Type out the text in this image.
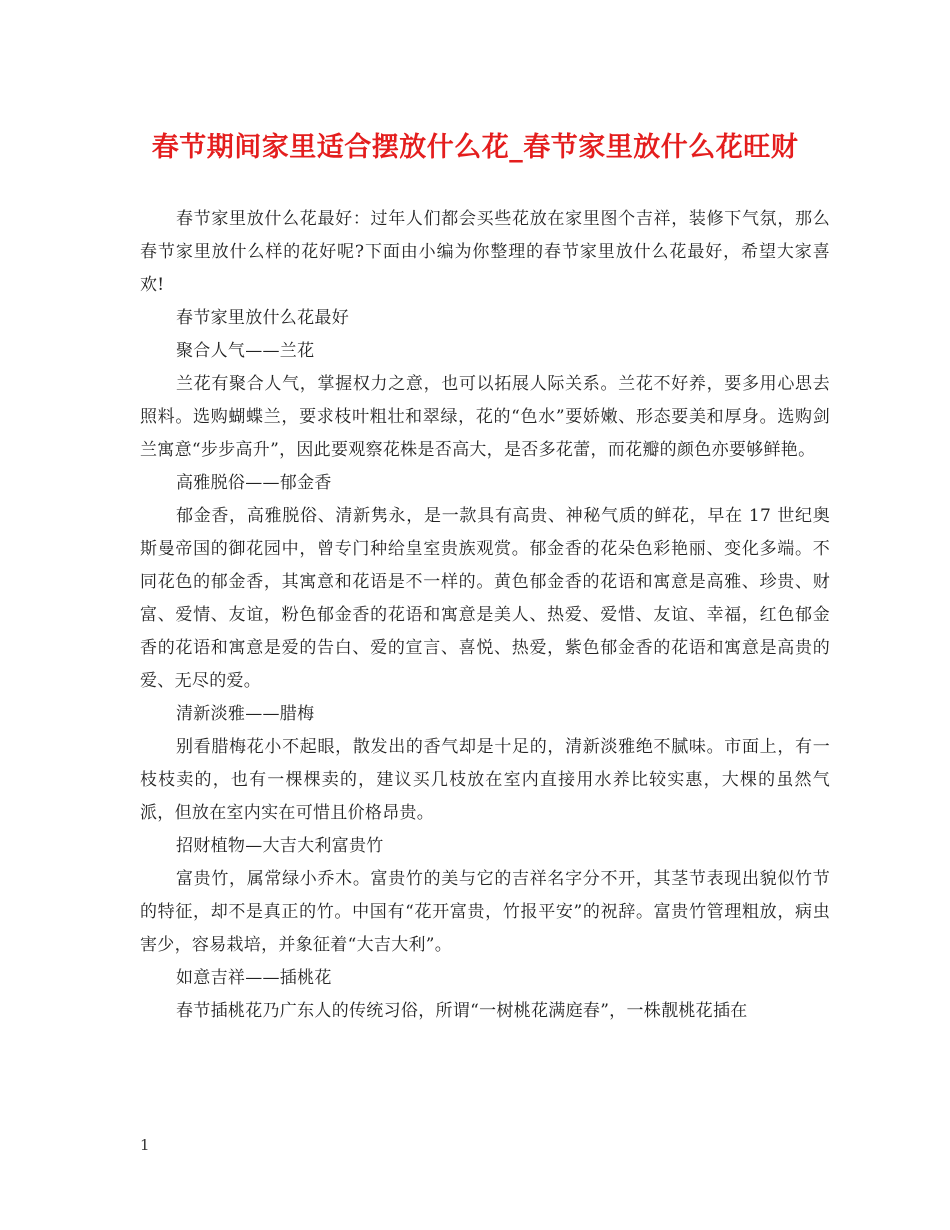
春节期间家里适合摆放什么花_春节家里放什么花旺财

春节家里放什么花最好：过年人们都会买些花放在家里图个吉祥，装修下气氛，那么春节家里放什么样的花好呢?下面由小编为你整理的春节家里放什么花最好，希望大家喜欢!

春节家里放什么花最好

聚合人气——兰花

兰花有聚合人气，掌握权力之意，也可以拓展人际关系。兰花不好养，要多用心思去照料。选购蝴蝶兰，要求枝叶粗壮和翠绿，花的“色水”要娇嫩、形态要美和厚身。选购剑兰寓意“步步高升”，因此要观察花株是否高大，是否多花蕾，而花瓣的颜色亦要够鲜艳。

高雅脱俗——郁金香

郁金香，高雅脱俗、清新隽永，是一款具有高贵、神秘气质的鲜花，早在 17 世纪奥斯曼帝国的御花园中，曾专门种给皇室贵族观赏。郁金香的花朵色彩艳丽、变化多端。不同花色的郁金香，其寓意和花语是不一样的。黄色郁金香的花语和寓意是高雅、珍贵、财富、爱情、友谊，粉色郁金香的花语和寓意是美人、热爱、爱惜、友谊、幸福，红色郁金香的花语和寓意是爱的告白、爱的宣言、喜悦、热爱，紫色郁金香的花语和寓意是高贵的爱、无尽的爱。

清新淡雅——腊梅

别看腊梅花小不起眼，散发出的香气却是十足的，清新淡雅绝不腻味。市面上，有一枝枝卖的，也有一棵棵卖的，建议买几枝放在室内直接用水养比较实惠，大棵的虽然气派，但放在室内实在可惜且价格昂贵。

招财植物—大吉大利富贵竹

富贵竹，属常绿小乔木。富贵竹的美与它的吉祥名字分不开，其茎节表现出貌似竹节的特征，却不是真正的竹。中国有“花开富贵，竹报平安”的祝辞。富贵竹管理粗放，病虫害少，容易栽培，并象征着“大吉大利”。

如意吉祥——插桃花

春节插桃花乃广东人的传统习俗，所谓“一树桃花满庭春”，一株靓桃花插在

1
